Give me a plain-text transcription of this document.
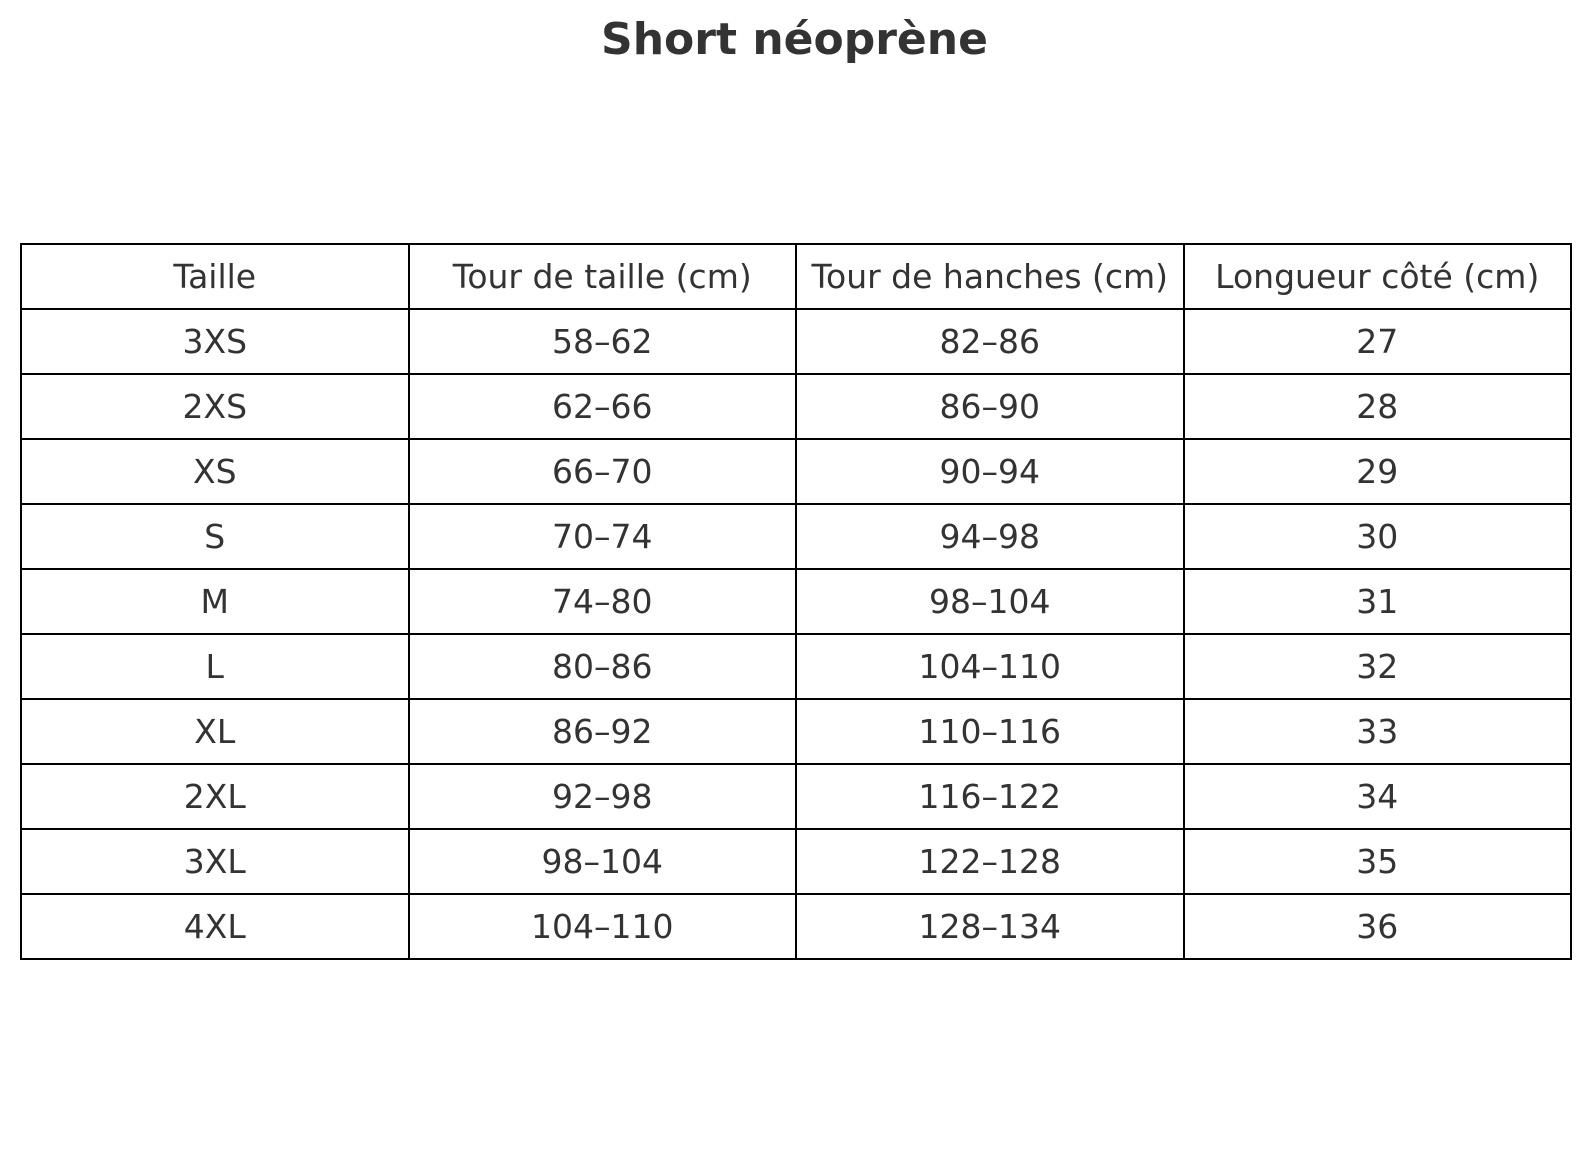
Short néoprène
Taille	Tour de taille (cm)	Tour de hanches (cm)	Longueur côté (cm)
3XS	58–62	82–86	27
2XS	62–66	86–90	28
XS	66–70	90–94	29
S	70–74	94–98	30
M	74–80	98–104	31
L	80–86	104–110	32
XL	86–92	110–116	33
2XL	92–98	116–122	34
3XL	98–104	122–128	35
4XL	104–110	128–134	36
